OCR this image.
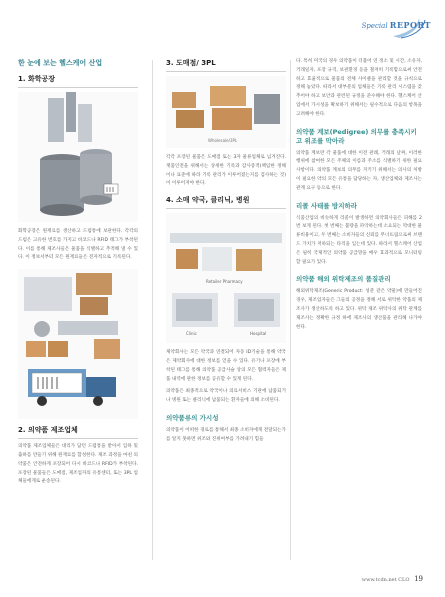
Special REPORT
한 눈에 보는 헬스케어 산업
1. 화학공장

화학공장은 원재료를 생산하고 드럼통에 보관한다. 각각의 드럼은 고유한 번호를 가지고 바코드나 RFID 태그가 부착된다. 이를 통해 제조사들은 물품을 식별하고 추적해 낼 수 있다. 이 정보서부터 모든 원재료들은 전자적으로 기록된다.

2. 의약품 제조업체

의약품 제조업체들은 대리가 담던 드럼통을 받아서 입하 및 출하를 만들기 위해 원재료를 합성한다. 제조 과정을 마친 의약품은 안전하게 포장되어 다시 바코드나 RFID가 부착된다. 포장된 물품들은 도매점, 제조업자의 유통센터, 또는 3PL 업체들에게로 운송된다.

3. 도매점/ 3PL
Wholesale/3PL

각각 포장된 물품은 도매점 또는 3자 물류업체로 넘겨진다. 재품인전을 위해서는 상세한 기록과 감사증적(책임한 정해이나 표준에 따라 기록 관리가 이루어졌는지를 검사하는 것) 이 이루어져야 한다.

4. 소매 약국, 클리닉, 병원
Retailer Pharmacy
Clinic	Hospital

제약회사는 모든 약국과 연결되어 자동 ID기술을 통해 약국은 제약회사에 대한 정보를 얻을 수 있다. 유기나 포장에 부착된 태그를 통해 의약품 공급사슬 상의 모든 협력자들은 제품 내역에 관한 정보를 공유할 수 있게 된다.

의약품은 최종적으로 약국이나 의료서비스 기관에 납품되거나 병원 또는 클리닉에 납품되는 환자들에 의해 소비된다.

의약품류의 가시성

의약품이 어떠한 경로를 통해서 최종 소비자에게 전달되는가를 알지 못하면 위조와 진위여부를 가려내기 힘들

다. 특히 미국의 경우 의약품이 더불어 연 정소 및 시간, 소유자, 거래일자, 포장 규격, 보관환경 등을 철저히 기록함으로써 안전하고 효율적으로 물품의 전체 사이클을 관리할 것을 규칙으로 정해 놓았다. 따라서 대부분의 업체들은 기록 관리 시스템을 갖추어야 하고 보안과 관련된 규정을 준수해야 한다. 헬스케어 산업에서 가시성을 확보하기 위해서는 필수적으로 다음의 항목을 고려해야 한다.

의약품 계보(Pedigree) 의무를 충족시키고 위조를 막아라

의약품 계보란 각 물품에 대한 이전 관례, 거래의 날짜, 이러한 행위에 참여한 모든 주체의 이름과 주소를 식별하기 위한 필요사항이다. 의약품 계보의 의무를 지키기 위해서는 의사의 처방이 필요한 약의 모든 유통을 담당하는 자, 생산업체와 제조사는 관계 요구 등으로 한다.

리콜 사태를 방지하라

식품산업의 비슷하게 리콜이 발생하면 의약회사들은 피해를 2번 보게 된다. 첫 번째는 불량을 파악하는데 소요되는 막대한 물류비용이고, 두 번째는 소비자들의 신뢰를 무너뜨림으로써 브랜드 가치가 저하되는 타격을 입는데 있다. 따라서 헬스케어 산업은 필히 국제적인 의약품 공급망을 매우 효과적으로 모니터링 할 필요가 있다.

의약품 해외 위탁제조의 품질관리

해외위탁제조(Generic Product: 성분 같은 약물)에 만들어진 경우, 제조업자들은 그들의 공정을 정해 서로 위탁한 약품의 제조사가 생산하도록 하고 있다. 위탁 제조 위탁사의 위탁 관계를 제조사는 정확한 규정 하에 제조사의 생산품을 관리해 나가야 한다.

www.tcdn.net CLO 19
